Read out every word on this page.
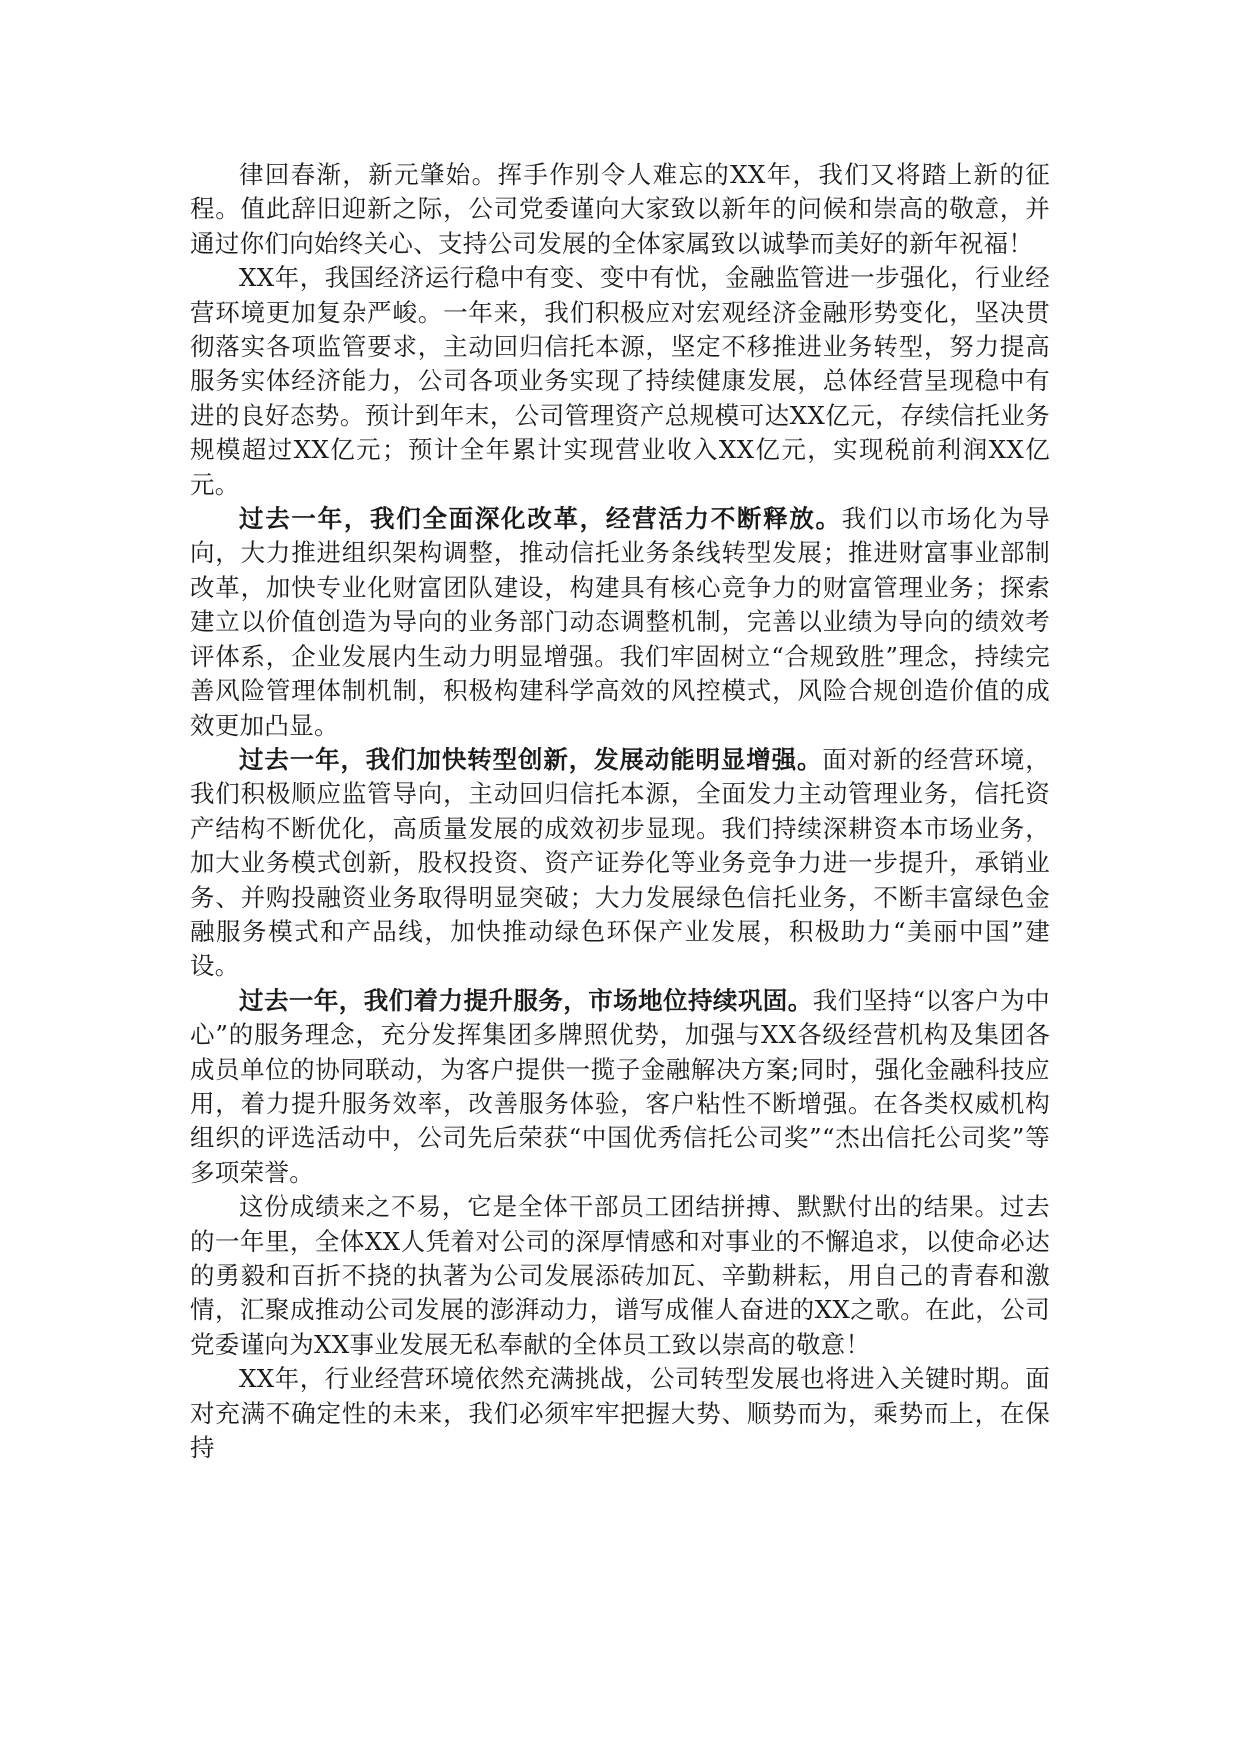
律回春渐，新元肇始。挥手作别令人难忘的XX年，我们又将踏上新的征程。值此辞旧迎新之际，公司党委谨向大家致以新年的问候和崇高的敬意，并通过你们向始终关心、支持公司发展的全体家属致以诚挚而美好的新年祝福！

XX年，我国经济运行稳中有变、变中有忧，金融监管进一步强化，行业经营环境更加复杂严峻。一年来，我们积极应对宏观经济金融形势变化，坚决贯彻落实各项监管要求，主动回归信托本源，坚定不移推进业务转型，努力提高服务实体经济能力，公司各项业务实现了持续健康发展，总体经营呈现稳中有进的良好态势。预计到年末，公司管理资产总规模可达XX亿元，存续信托业务规模超过XX亿元；预计全年累计实现营业收入XX亿元，实现税前利润XX亿元。

过去一年，我们全面深化改革，经营活力不断释放。我们以市场化为导向，大力推进组织架构调整，推动信托业务条线转型发展；推进财富事业部制改革，加快专业化财富团队建设，构建具有核心竞争力的财富管理业务；探索建立以价值创造为导向的业务部门动态调整机制，完善以业绩为导向的绩效考评体系，企业发展内生动力明显增强。我们牢固树立“合规致胜”理念，持续完善风险管理体制机制，积极构建科学高效的风控模式，风险合规创造价值的成效更加凸显。

过去一年，我们加快转型创新，发展动能明显增强。面对新的经营环境，我们积极顺应监管导向，主动回归信托本源，全面发力主动管理业务，信托资产结构不断优化，高质量发展的成效初步显现。我们持续深耕资本市场业务，加大业务模式创新，股权投资、资产证券化等业务竞争力进一步提升，承销业务、并购投融资业务取得明显突破；大力发展绿色信托业务，不断丰富绿色金融服务模式和产品线，加快推动绿色环保产业发展，积极助力“美丽中国”建设。

过去一年，我们着力提升服务，市场地位持续巩固。我们坚持“以客户为中心”的服务理念，充分发挥集团多牌照优势，加强与XX各级经营机构及集团各成员单位的协同联动，为客户提供一揽子金融解决方案;同时，强化金融科技应用，着力提升服务效率，改善服务体验，客户粘性不断增强。在各类权威机构组织的评选活动中，公司先后荣获“中国优秀信托公司奖”“杰出信托公司奖”等多项荣誉。

这份成绩来之不易，它是全体干部员工团结拼搏、默默付出的结果。过去的一年里，全体XX人凭着对公司的深厚情感和对事业的不懈追求，以使命必达的勇毅和百折不挠的执著为公司发展添砖加瓦、辛勤耕耘，用自己的青春和激情，汇聚成推动公司发展的澎湃动力，谱写成催人奋进的XX之歌。在此，公司党委谨向为XX事业发展无私奉献的全体员工致以崇高的敬意！

XX年，行业经营环境依然充满挑战，公司转型发展也将进入关键时期。面对充满不确定性的未来，我们必须牢牢把握大势、顺势而为，乘势而上，在保持
